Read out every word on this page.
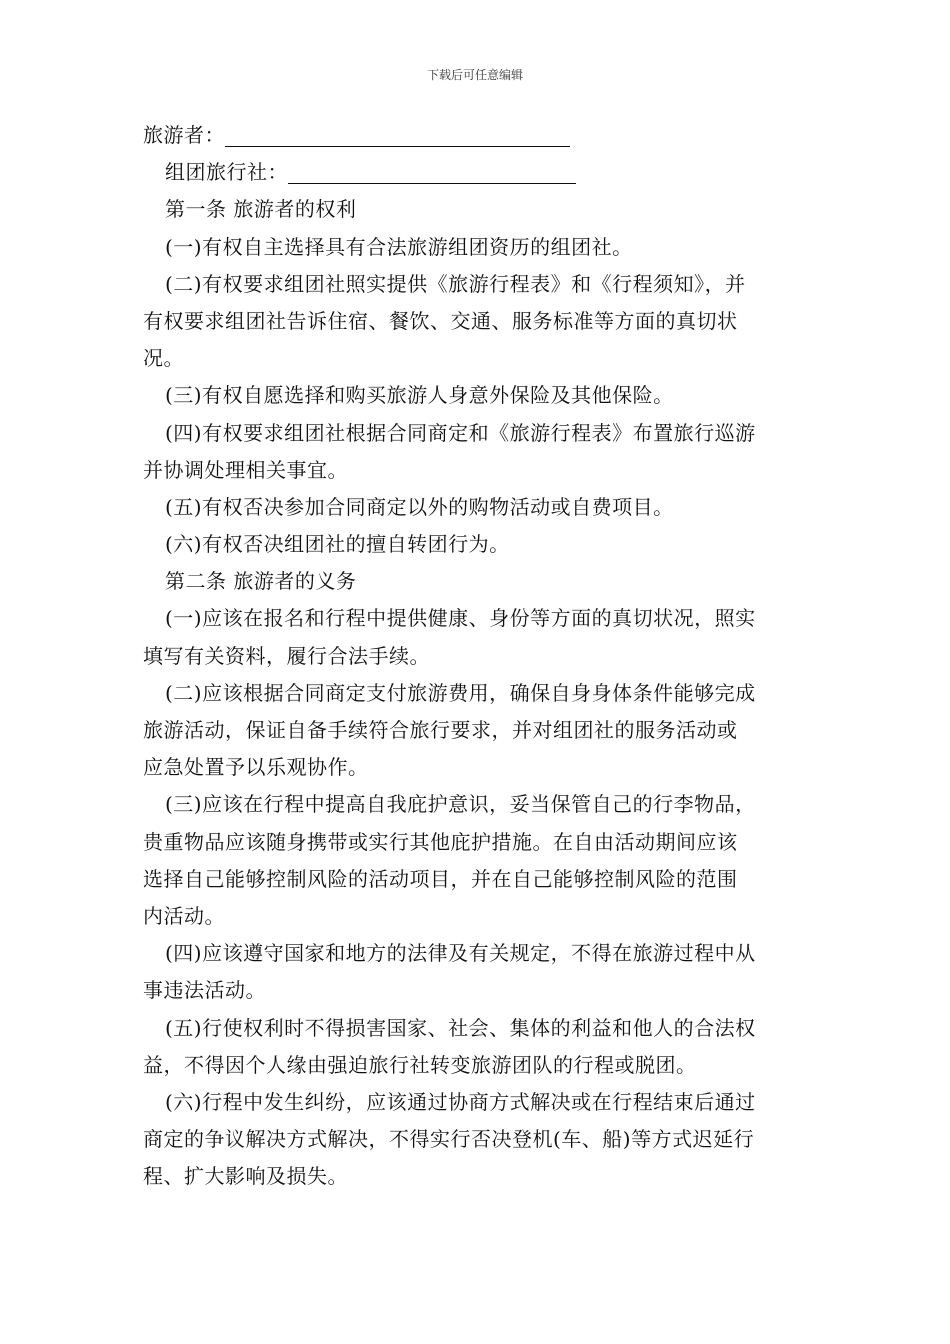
下载后可任意编辑
旅游者：
组团旅行社：
第一条 旅游者的权利
(一)有权自主选择具有合法旅游组团资历的组团社。
(二)有权要求组团社照实提供《旅游行程表》和《行程须知》，并
有权要求组团社告诉住宿、餐饮、交通、服务标准等方面的真切状
况。
(三)有权自愿选择和购买旅游人身意外保险及其他保险。
(四)有权要求组团社根据合同商定和《旅游行程表》布置旅行巡游
并协调处理相关事宜。
(五)有权否决参加合同商定以外的购物活动或自费项目。
(六)有权否决组团社的擅自转团行为。
第二条 旅游者的义务
(一)应该在报名和行程中提供健康、身份等方面的真切状况，照实
填写有关资料，履行合法手续。
(二)应该根据合同商定支付旅游费用，确保自身身体条件能够完成
旅游活动，保证自备手续符合旅行要求，并对组团社的服务活动或
应急处置予以乐观协作。
(三)应该在行程中提高自我庇护意识，妥当保管自己的行李物品，
贵重物品应该随身携带或实行其他庇护措施。在自由活动期间应该
选择自己能够控制风险的活动项目，并在自己能够控制风险的范围
内活动。
(四)应该遵守国家和地方的法律及有关规定，不得在旅游过程中从
事违法活动。
(五)行使权利时不得损害国家、社会、集体的利益和他人的合法权
益，不得因个人缘由强迫旅行社转变旅游团队的行程或脱团。
(六)行程中发生纠纷，应该通过协商方式解决或在行程结束后通过
商定的争议解决方式解决，不得实行否决登机(车、船)等方式迟延行
程、扩大影响及损失。
